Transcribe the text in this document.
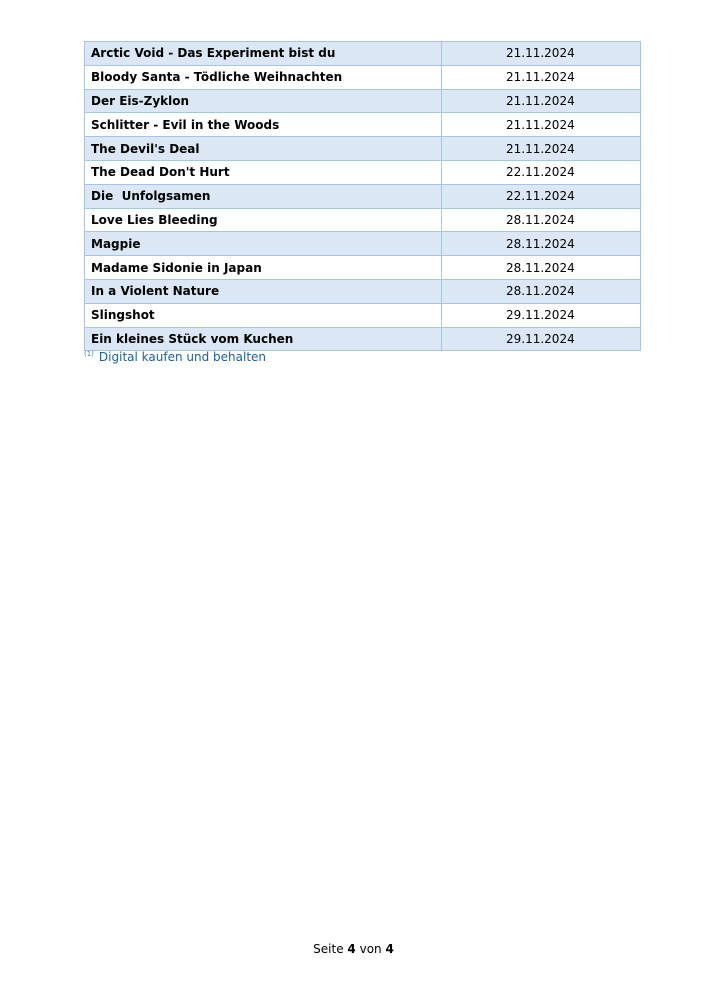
Arctic Void - Das Experiment bist du	21.11.2024
Bloody Santa - Tödliche Weihnachten	21.11.2024
Der Eis-Zyklon	21.11.2024
Schlitter - Evil in the Woods	21.11.2024
The Devil's Deal	21.11.2024
The Dead Don't Hurt	22.11.2024
Die  Unfolgsamen	22.11.2024
Love Lies Bleeding	28.11.2024
Magpie	28.11.2024
Madame Sidonie in Japan	28.11.2024
In a Violent Nature	28.11.2024
Slingshot	29.11.2024
Ein kleines Stück vom Kuchen	29.11.2024
$^{(1)}$ Digital kaufen und behalten
Seite 4 von 4
